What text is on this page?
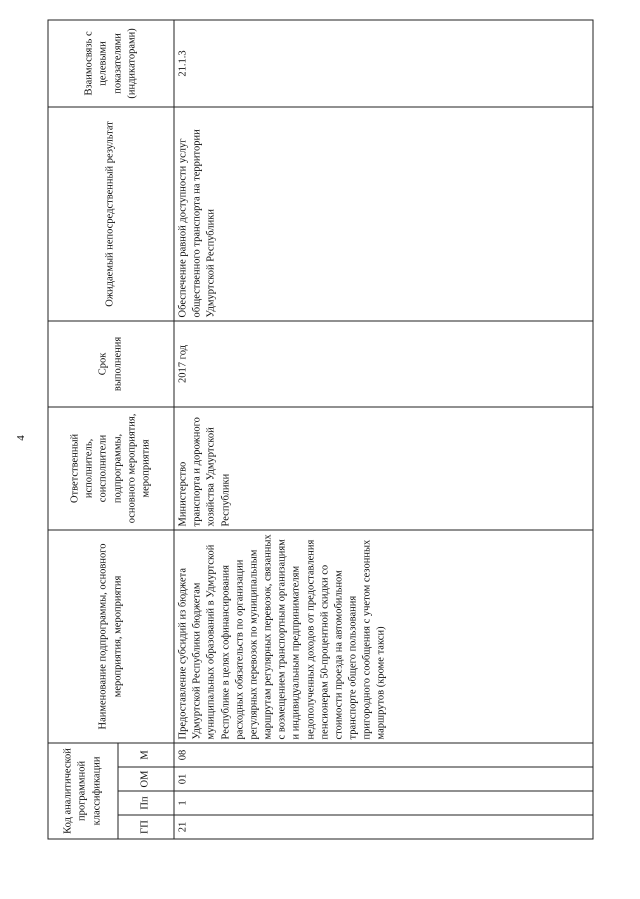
4
Код аналитической программной классификации				Наименование подпрограммы, основного мероприятия, мероприятия	Ответственный исполнитель, соисполнители подпрограммы, основного мероприятия, мероприятия	Срок выполнения	Ожидаемый непосредственный результат	Взаимосвязь с целевыми показателями (индикаторами)
ГП	Пп	ОМ	М					
21	1	01	08	Предоставление субсидий из бюджета Удмуртской Республики бюджетам муниципальных образований в Удмуртской Республике в целях софинансирования расходных обязательств по организации регулярных перевозок по муниципальным маршрутам регулярных перевозок, связанных с возмещением транспортным организациям и индивидуальным предпринимателям недополученных доходов от предоставления пенсионерам 50-процентной скидки со стоимости проезда на автомобильном транспорте общего пользования пригородного сообщения с учетом сезонных маршрутов (кроме такси)	Министерство транспорта и дорожного хозяйства Удмуртской Республики	2017 год	Обеспечение равной доступности услуг общественного транспорта на территории Удмуртской Республики	21.1.3
